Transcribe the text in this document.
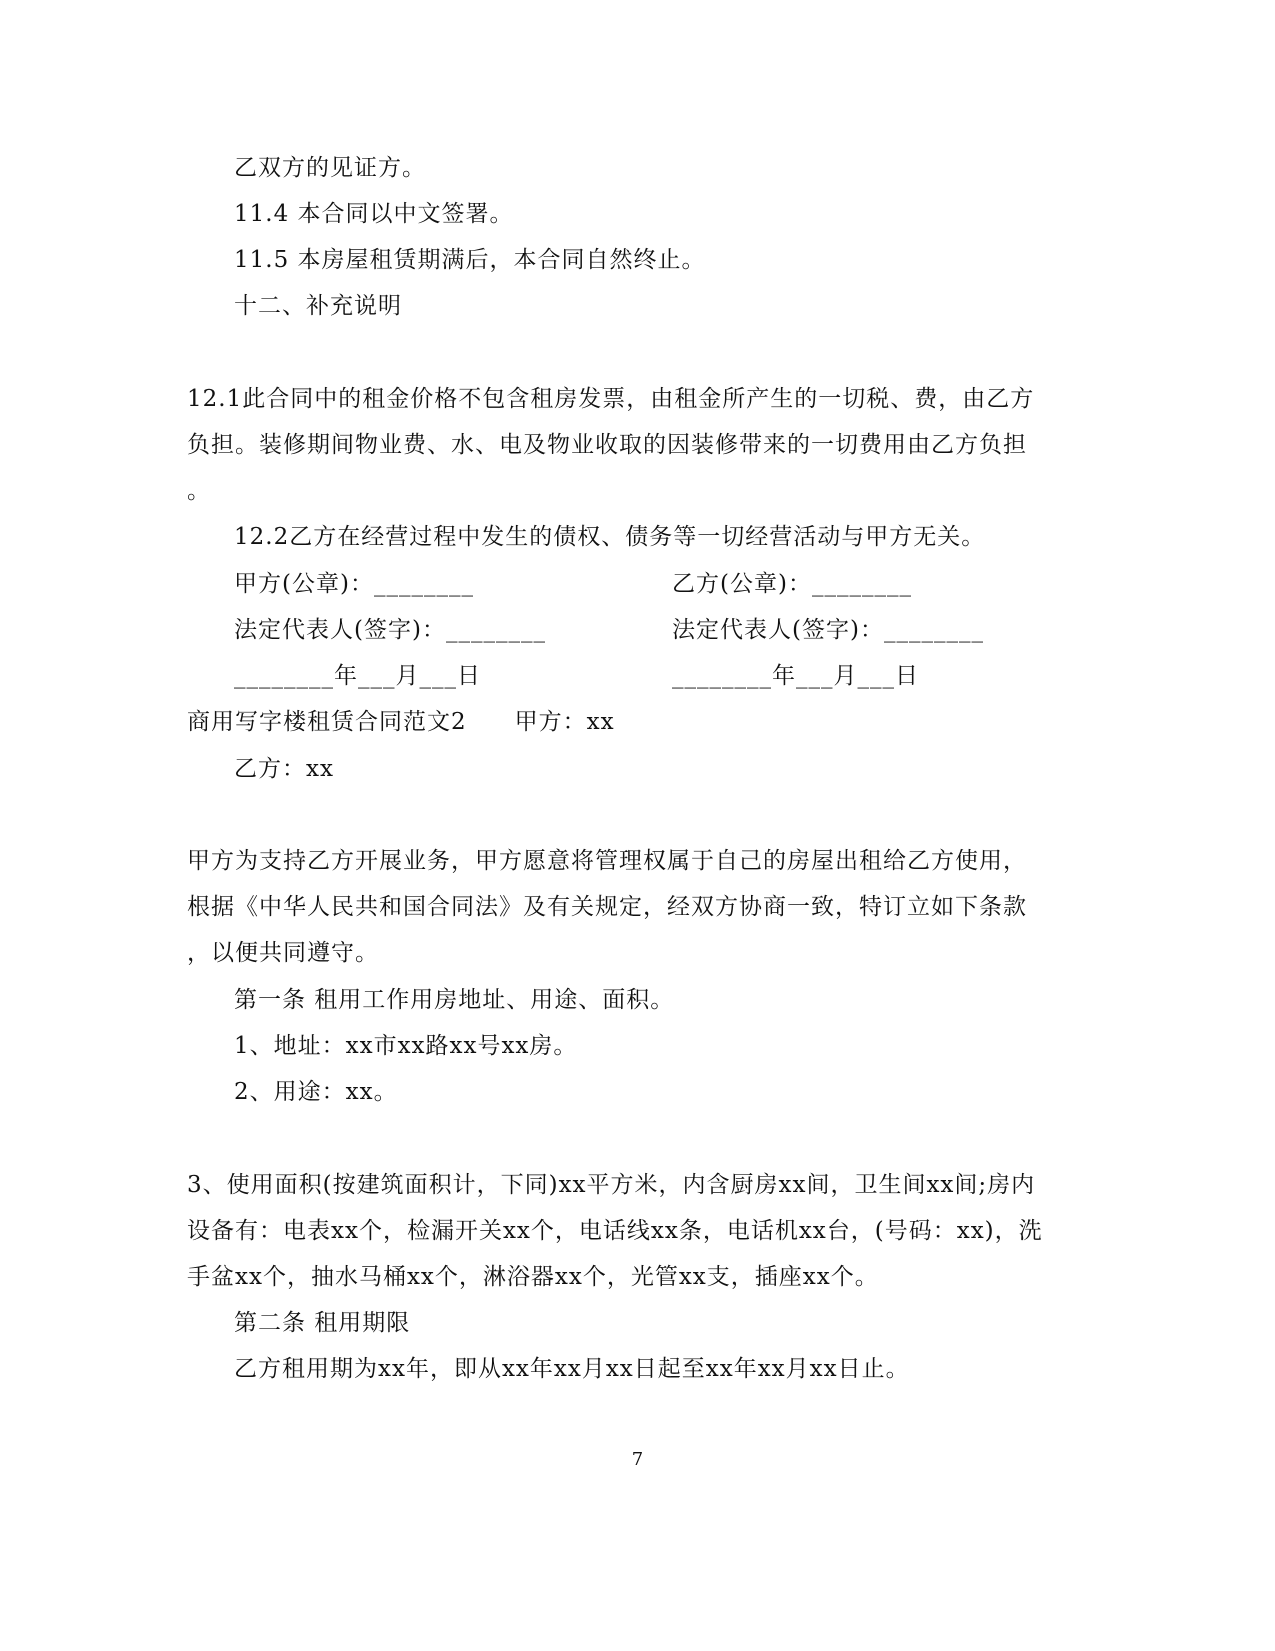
乙双方的见证方。
11.4 本合同以中文签署。
11.5 本房屋租赁期满后，本合同自然终止。
十二、补充说明
12.1此合同中的租金价格不包含租房发票，由租金所产生的一切税、费，由乙方
负担。装修期间物业费、水、电及物业收取的因装修带来的一切费用由乙方负担
。
12.2乙方在经营过程中发生的债权、债务等一切经营活动与甲方无关。
甲方(公章)：________	乙方(公章)：________
法定代表人(签字)：________	法定代表人(签字)：________
________年___月___日	________年___月___日
商用写字楼租赁合同范文2　　甲方：xx
乙方：xx
甲方为支持乙方开展业务，甲方愿意将管理权属于自己的房屋出租给乙方使用，
根据《中华人民共和国合同法》及有关规定，经双方协商一致，特订立如下条款
，以便共同遵守。
第一条 租用工作用房地址、用途、面积。
1、地址：xx市xx路xx号xx房。
2、用途：xx。
3、使用面积(按建筑面积计，下同)xx平方米，内含厨房xx间，卫生间xx间;房内
设备有：电表xx个，检漏开关xx个，电话线xx条，电话机xx台，(号码：xx)，洗
手盆xx个，抽水马桶xx个，淋浴器xx个，光管xx支，插座xx个。
第二条 租用期限
乙方租用期为xx年，即从xx年xx月xx日起至xx年xx月xx日止。
7
